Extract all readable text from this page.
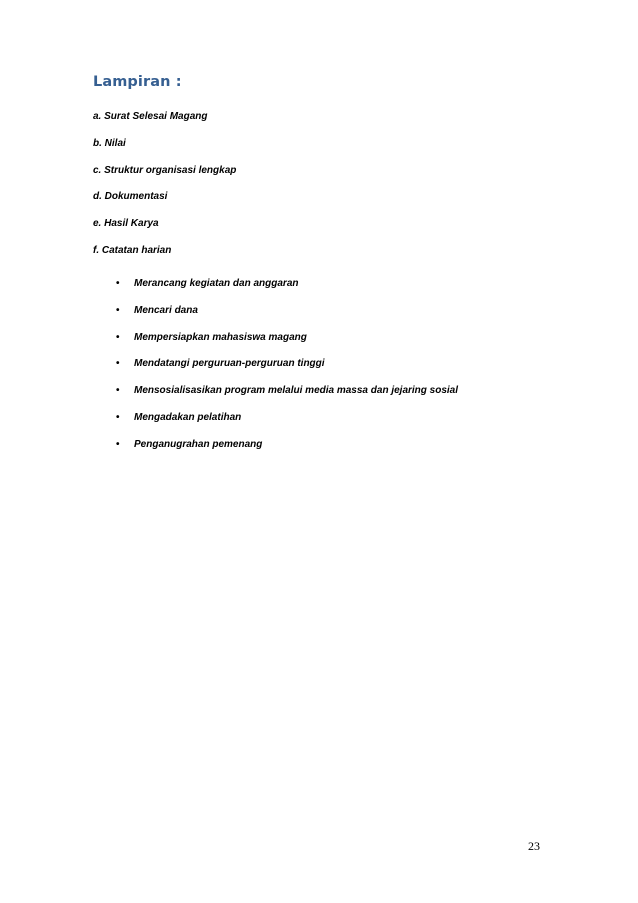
Lampiran :
a. Surat Selesai Magang
b. Nilai
c. Struktur organisasi lengkap
d. Dokumentasi
e. Hasil Karya
f. Catatan harian
• Merancang kegiatan dan anggaran
• Mencari dana
• Mempersiapkan mahasiswa magang
• Mendatangi perguruan-perguruan tinggi
• Mensosialisasikan program melalui media massa dan jejaring sosial
• Mengadakan pelatihan
• Penganugrahan pemenang
23
